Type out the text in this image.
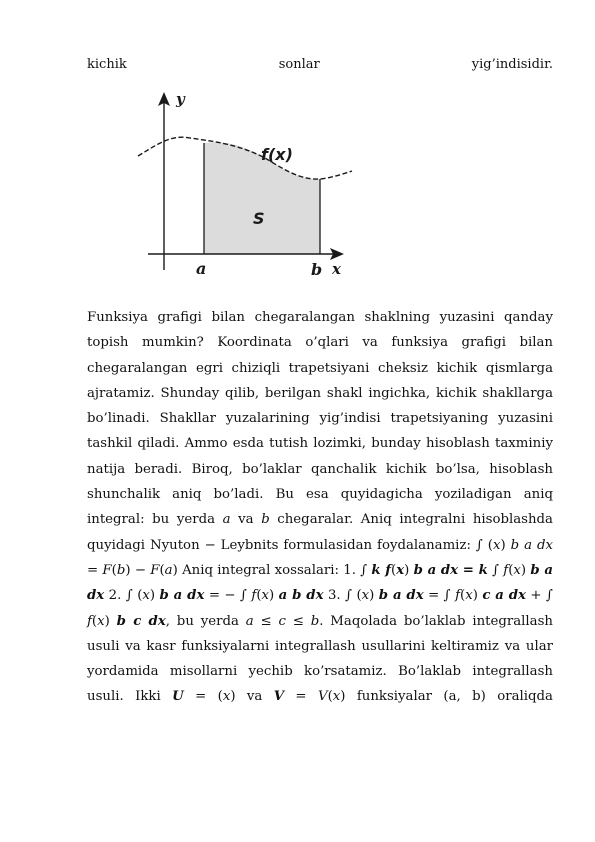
kichik	sonlar	yig’indisidir.
y
x
f(x)
S
a	b

Funksiya grafigi bilan chegaralangan shaklning yuzasini qanday topish mumkin? Koordinata o’qlari va funksiya grafigi bilan chegaralangan egri chiziqli trapetsiyani cheksiz kichik qismlarga ajratamiz. Shunday qilib, berilgan shakl ingichka, kichik shakllarga bo’linadi. Shakllar yuzalarining yig’indisi trapetsiyaning yuzasini tashkil qiladi. Ammo esda tutish lozimki, bunday hisoblash taxminiy natija beradi. Biroq, bo’laklar qanchalik kichik bo’lsa, hisoblash shunchalik aniq bo’ladi. Bu esa quyidagicha yoziladigan aniq integral: bu yerda a va b chegaralar. Aniq integralni hisoblashda quyidagi Nyuton − Leybnits formulasidan foydalanamiz: ∫ (x) b a dx = F(b) − F(a) Aniq integral xossalari: 1. ∫ k f(x) b a dx = k ∫ f(x) b a dx 2. ∫ (x) b a dx = − ∫ f(x) a b dx 3. ∫ (x) b a dx = ∫ f(x) c a dx + ∫ f(x) b c dx, bu yerda a ≤ c ≤ b. Maqolada bo’laklab integrallash usuli va kasr funksiyalarni integrallash usullarini keltiramiz va ular yordamida misollarni yechib ko’rsatamiz. Bo’laklab integrallash usuli. Ikki U = (x) va V = V(x) funksiyalar (a, b) oraliqda
